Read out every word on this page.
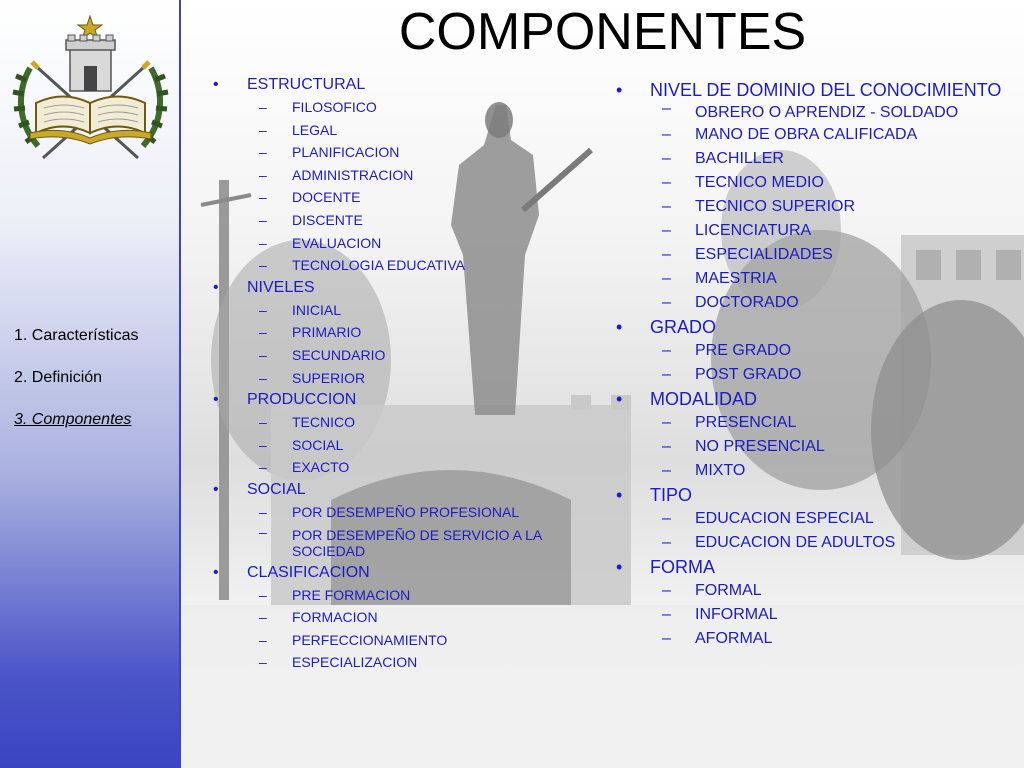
1. Características
2. Definición
3. Componentes
COMPONENTES
• ESTRUCTURAL
– FILOSOFICO
– LEGAL
– PLANIFICACION
– ADMINISTRACION
– DOCENTE
– DISCENTE
– EVALUACION
– TECNOLOGIA EDUCATIVA
• NIVELES
– INICIAL
– PRIMARIO
– SECUNDARIO
– SUPERIOR
• PRODUCCION
– TECNICO
– SOCIAL
– EXACTO
• SOCIAL
– POR DESEMPEÑO PROFESIONAL
– POR DESEMPEÑO DE SERVICIO A LA SOCIEDAD
• CLASIFICACION
– PRE FORMACION
– FORMACION
– PERFECCIONAMIENTO
– ESPECIALIZACION
• NIVEL DE DOMINIO DEL CONOCIMIENTO
– OBRERO O APRENDIZ - SOLDADO
– MANO DE OBRA CALIFICADA
– BACHILLER
– TECNICO MEDIO
– TECNICO SUPERIOR
– LICENCIATURA
– ESPECIALIDADES
– MAESTRIA
– DOCTORADO
• GRADO
– PRE GRADO
– POST GRADO
• MODALIDAD
– PRESENCIAL
– NO PRESENCIAL
– MIXTO
• TIPO
– EDUCACION ESPECIAL
– EDUCACION DE ADULTOS
• FORMA
– FORMAL
– INFORMAL
– AFORMAL
